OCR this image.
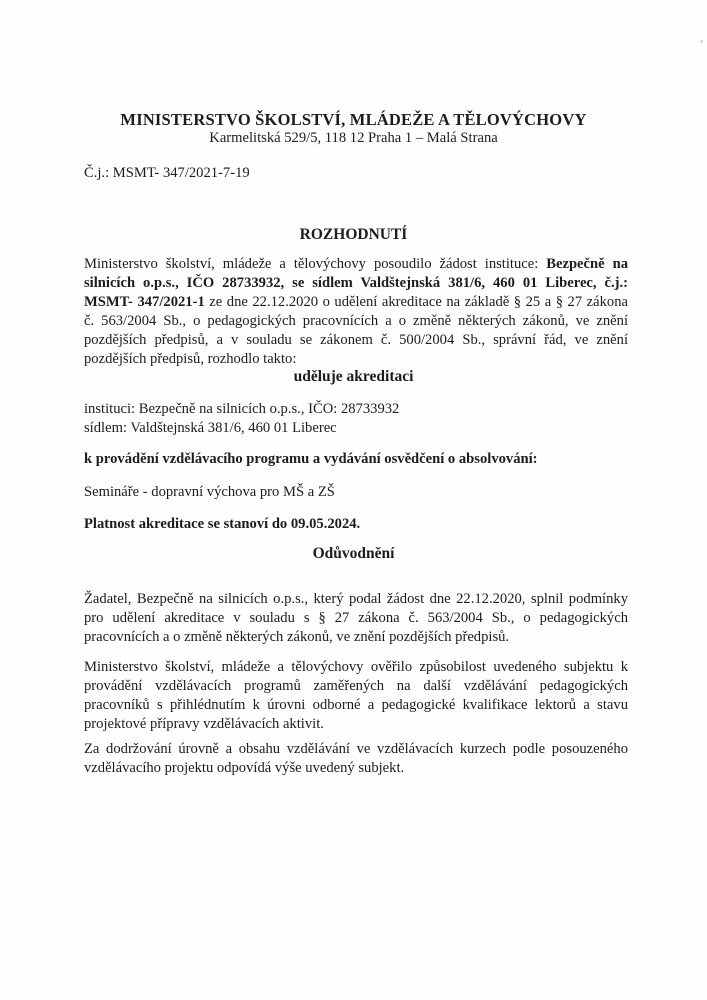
MINISTERSTVO ŠKOLSTVÍ, MLÁDEŽE A TĚLOVÝCHOVY
Karmelitská 529/5, 118 12 Praha 1 – Malá Strana
Č.j.: MSMT- 347/2021-7-19
ROZHODNUTÍ

Ministerstvo školství, mládeže a tělovýchovy posoudilo žádost instituce: Bezpečně na silnicích o.p.s., IČO 28733932, se sídlem Valdštejnská 381/6, 460 01 Liberec, č.j.: MSMT- 347/2021-1 ze dne 22.12.2020 o udělení akreditace na základě § 25 a § 27 zákona č. 563/2004 Sb., o pedagogických pracovnících a o změně některých zákonů, ve znění pozdějších předpisů, a v souladu se zákonem č. 500/2004 Sb., správní řád, ve znění pozdějších předpisů, rozhodlo takto:

uděluje akreditaci
instituci: Bezpečně na silnicích o.p.s., IČO: 28733932
sídlem: Valdštejnská 381/6, 460 01 Liberec
k provádění vzdělávacího programu a vydávání osvědčení o absolvování:
Semináře - dopravní výchova pro MŠ a ZŠ
Platnost akreditace se stanoví do 09.05.2024.
Odůvodnění

Žadatel, Bezpečně na silnicích o.p.s., který podal žádost dne 22.12.2020, splnil podmínky pro udělení akreditace v souladu s § 27 zákona č. 563/2004 Sb., o pedagogických pracovnících a o změně některých zákonů, ve znění pozdějších předpisů.

Ministerstvo školství, mládeže a tělovýchovy ověřilo způsobilost uvedeného subjektu k provádění vzdělávacích programů zaměřených na další vzdělávání pedagogických pracovníků s přihlédnutím k úrovni odborné a pedagogické kvalifikace lektorů a stavu projektové přípravy vzdělávacích aktivit.

Za dodržování úrovně a obsahu vzdělávání ve vzdělávacích kurzech podle posouzeného vzdělávacího projektu odpovídá výše uvedený subjekt.
